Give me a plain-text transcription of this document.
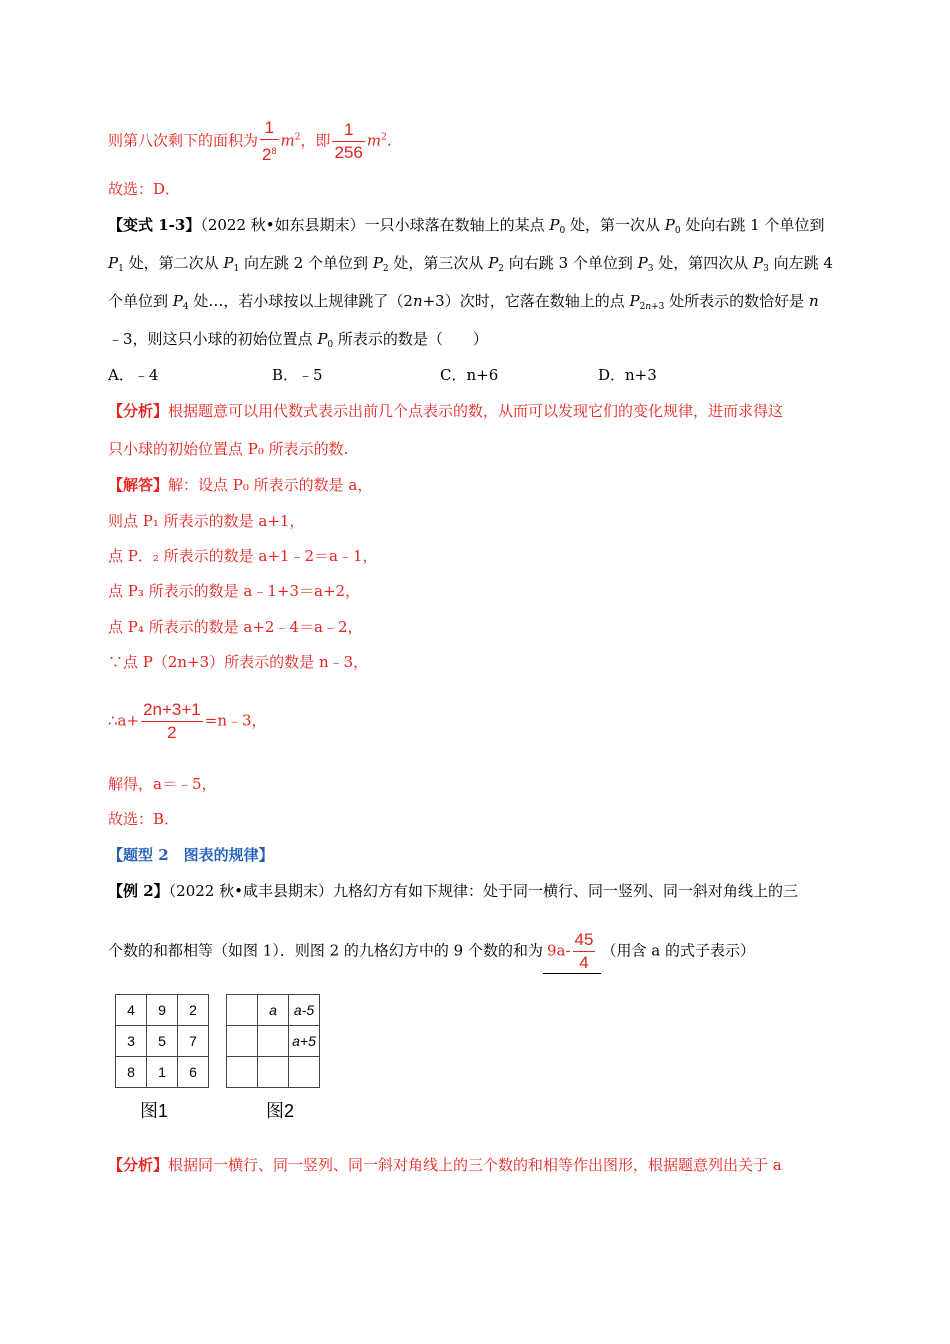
则第八次剩下的面积为 $\frac{1}{2^8} m^2$，即 $\frac{1}{256} m^2$.
故选：D．
【变式 1-3】（2022 秋•如东县期末）一只小球落在数轴上的某点 $P_0$ 处，第一次从 $P_0$ 处向右跳 1 个单位到
$P_1$ 处，第二次从 $P_1$ 向左跳 2 个单位到 $P_2$ 处，第三次从 $P_2$ 向右跳 3 个单位到 $P_3$ 处，第四次从 $P_3$ 向左跳 4
个单位到 $P_4$ 处…，若小球按以上规律跳了（2n+3）次时，它落在数轴上的点 $P_{2n+3}$ 处所表示的数恰好是 n
﹣3，则这只小球的初始位置点 $P_0$ 所表示的数是（　　）
A．﹣4	B．﹣5	C．n+6	D．n+3
【分析】根据题意可以用代数式表示出前几个点表示的数，从而可以发现它们的变化规律，进而求得这
只小球的初始位置点 P₀ 所表示的数.
【解答】解：设点 P₀ 所表示的数是 a，
则点 P₁ 所表示的数是 a+1，
点 P．₂ 所表示的数是 a+1﹣2＝a﹣1，
点 P₃ 所表示的数是 a﹣1+3＝a+2，
点 P₄ 所表示的数是 a+2﹣4＝a﹣2，
∵点 P（2n+3）所表示的数是 n﹣3，
∴a+ $\frac{2n+3+1}{2}$ =n﹣3，
解得，a＝﹣5，
故选：B．
【题型 2　图表的规律】
【例 2】（2022 秋•咸丰县期末）九格幻方有如下规律：处于同一横行、同一竖列、同一斜对角线上的三
个数的和都相等（如图 1）．则图 2 的九格幻方中的 9 个数的和为 $9a- \frac{45}{4}$ （用含 a 的式子表示）
4	9	2
3	5	7
8	1	6
	a	a-5
		a+5

图1	图2
【分析】根据同一横行、同一竖列、同一斜对角线上的三个数的和相等作出图形，根据题意列出关于 a
